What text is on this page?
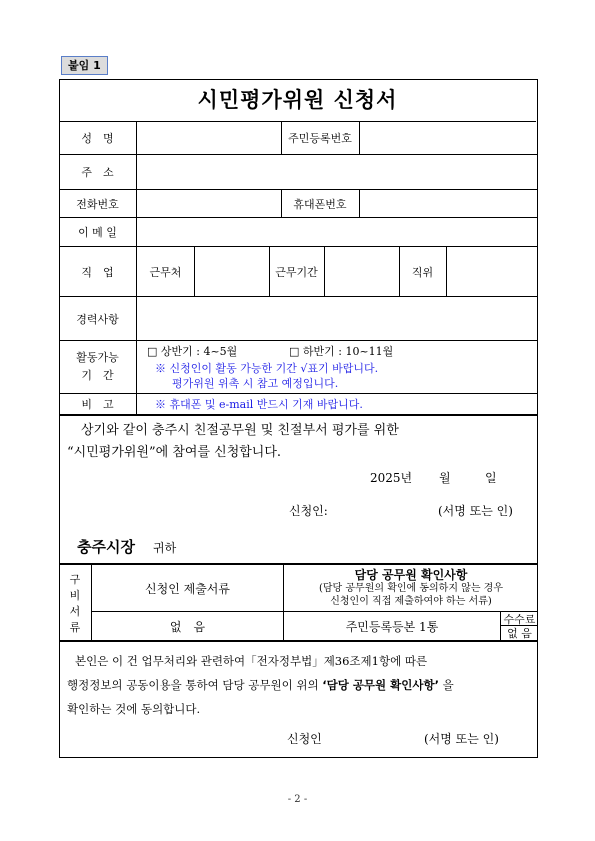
붙임 1
시민평가위원 신청서
성　명	주민등록번호
주　소
전화번호	휴대폰번호
이 메 일
직　업	근무처	근무기간	직위
경력사항
활동가능
기　간
□ 상반기 : 4~5월	□ 하반기 : 10~11월
※ 신청인이 활동 가능한 기간 √표기 바랍니다.
평가위원 위촉 시 참고 예정입니다.
비　고	※ 휴대폰 및 e-mail 반드시 기재 바랍니다.
상기와 같이 충주시 친절공무원 및 친절부서 평가를 위한
“시민평가위원”에 참여를 신청합니다.
2025년 월	일
신청인:	(서명 또는 인)
충주시장 귀하
구
비
서
류
신청인 제출서류
담당 공무원 확인사항
(담당 공무원의 확인에 동의하지 않는 경우
신청인이 직접 제출하여야 하는 서류)
없　음	주민등록등본 1통
수수료
없 음
본인은 이 건 업무처리와 관련하여「전자정부법」제36조제1항에 따른
행정정보의 공동이용을 통하여 담당 공무원이 위의 ‘담당 공무원 확인사항’ 을
확인하는 것에 동의합니다.
신청인	(서명 또는 인)
- 2 -
